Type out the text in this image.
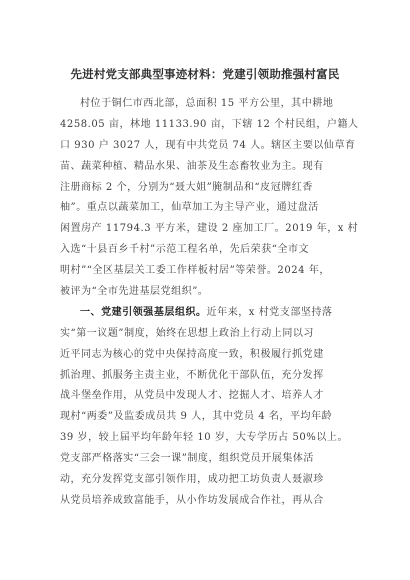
先进村党支部典型事迹材料：党建引领助推强村富民
村位于铜仁市西北部，总面积 15 平方公里，其中耕地
4258.05 亩，林地 11133.90 亩，下辖 12 个村民组，户籍人
口 930 户 3027 人，现有中共党员 74 人。辖区主要以仙草育
苗、蔬菜种植、精品水果、油茶及生态畜牧业为主。现有
注册商标 2 个，分别为“聂大姐”腌制品和“皮冠牌红香
柚”。重点以蔬菜加工，仙草加工为主导产业，通过盘活
闲置房产 11794.3 平方米，建设 2 座加工厂。2019 年，x 村
入选“十县百乡千村”示范工程名单，先后荣获“全市文
明村”“全区基层关工委工作样板村居”等荣誉。2024 年，
被评为“全市先进基层党组织”。
一、党建引领强基层组织。近年来，x 村党支部坚持落
实“第一议题”制度，始终在思想上政治上行动上同以习
近平同志为核心的党中央保持高度一致，积极履行抓党建
抓治理、抓服务主责主业，不断优化干部队伍，充分发挥
战斗堡垒作用，从党员中发现人才、挖掘人才、培养人才
现村“两委”及监委成员共 9 人，其中党员 4 名，平均年龄
39 岁，较上届平均年龄年轻 10 岁，大专学历占 50%以上。
党支部严格落实“三会一课”制度，组织党员开展集体活
动，充分发挥党支部引领作用，成功把工坊负责人聂淑珍
从党员培养成致富能手，从小作坊发展成合作社，再从合
